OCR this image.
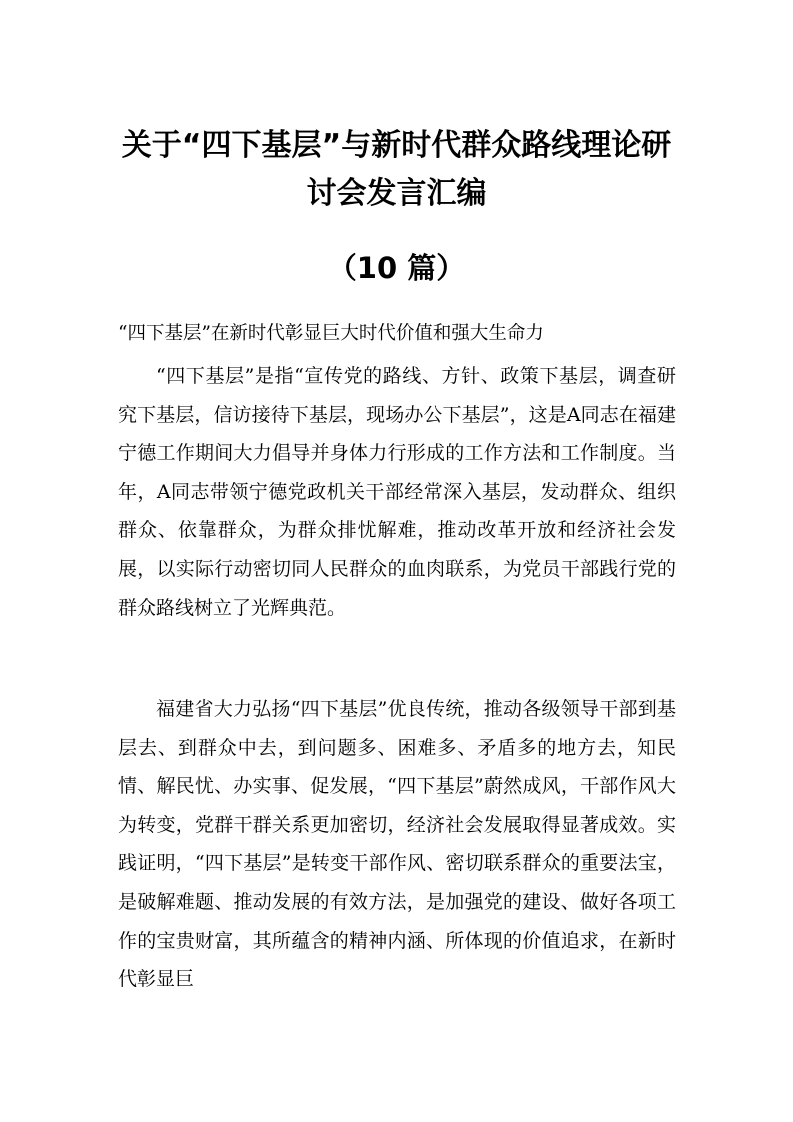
关于“四下基层”与新时代群众路线理论研
讨会发言汇编
（10 篇）

“四下基层”在新时代彰显巨大时代价值和强大生命力

“四下基层”是指“宣传党的路线、方针、政策下基层，调查研究下基层，信访接待下基层，现场办公下基层”，这是A同志在福建宁德工作期间大力倡导并身体力行形成的工作方法和工作制度。当年，A同志带领宁德党政机关干部经常深入基层，发动群众、组织群众、依靠群众，为群众排忧解难，推动改革开放和经济社会发展，以实际行动密切同人民群众的血肉联系，为党员干部践行党的群众路线树立了光辉典范。

福建省大力弘扬“四下基层”优良传统，推动各级领导干部到基层去、到群众中去，到问题多、困难多、矛盾多的地方去，知民情、解民忧、办实事、促发展，“四下基层”蔚然成风，干部作风大为转变，党群干群关系更加密切，经济社会发展取得显著成效。实践证明，“四下基层”是转变干部作风、密切联系群众的重要法宝，是破解难题、推动发展的有效方法，是加强党的建设、做好各项工作的宝贵财富，其所蕴含的精神内涵、所体现的价值追求，在新时代彰显巨
